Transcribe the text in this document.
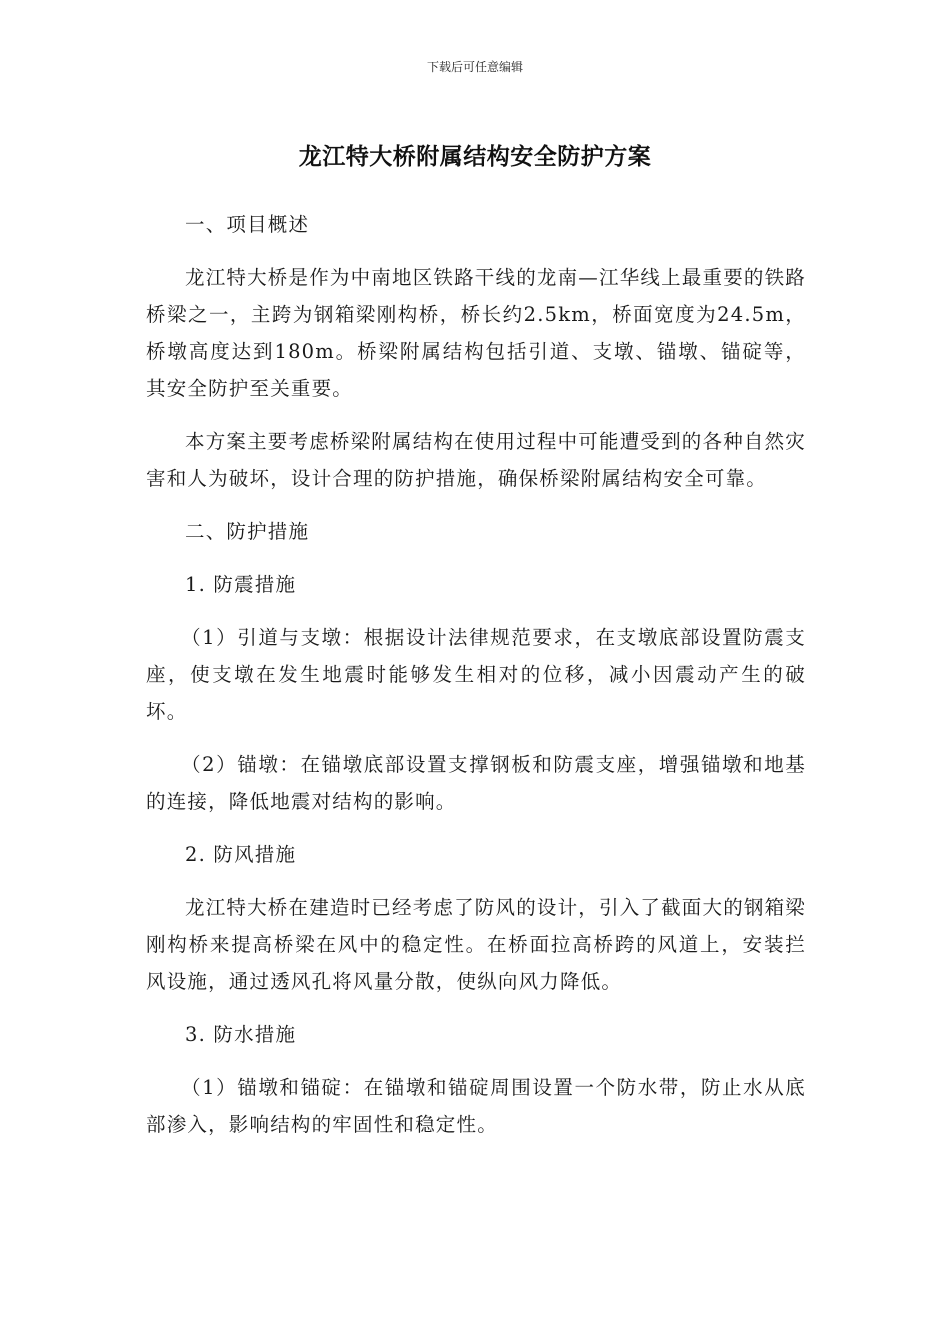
下载后可任意编辑
龙江特大桥附属结构安全防护方案

一、项目概述

龙江特大桥是作为中南地区铁路干线的龙南—江华线上最重要的铁路桥梁之一，主跨为钢箱梁刚构桥，桥长约2.5km，桥面宽度为24.5m，桥墩高度达到180m。桥梁附属结构包括引道、支墩、锚墩、锚碇等，其安全防护至关重要。

本方案主要考虑桥梁附属结构在使用过程中可能遭受到的各种自然灾害和人为破坏，设计合理的防护措施，确保桥梁附属结构安全可靠。

二、防护措施

1. 防震措施

（1）引道与支墩：根据设计法律规范要求，在支墩底部设置防震支座，使支墩在发生地震时能够发生相对的位移，减小因震动产生的破坏。

（2）锚墩：在锚墩底部设置支撑钢板和防震支座，增强锚墩和地基的连接，降低地震对结构的影响。

2. 防风措施

龙江特大桥在建造时已经考虑了防风的设计，引入了截面大的钢箱梁刚构桥来提高桥梁在风中的稳定性。在桥面拉高桥跨的风道上，安装拦风设施，通过透风孔将风量分散，使纵向风力降低。

3. 防水措施

（1）锚墩和锚碇：在锚墩和锚碇周围设置一个防水带，防止水从底部渗入，影响结构的牢固性和稳定性。
